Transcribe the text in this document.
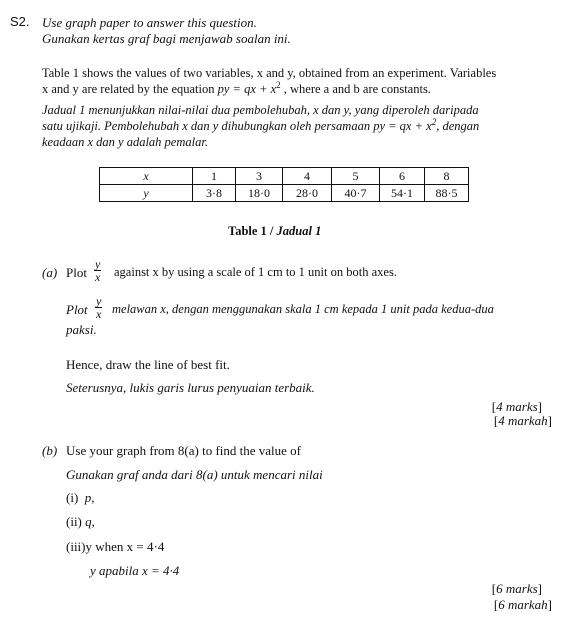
S2. Use graph paper to answer this question.
Gunakan kertas graf bagi menjawab soalan ini.
Table 1 shows the values of two variables, x and y, obtained from an experiment. Variables
x and y are related by the equation py = qx + $x^2$ , where a and b are constants.
Jadual 1 menunjukkan nilai-nilai dua pembolehubah, x dan y, yang diperoleh daripada
satu ujikaji. Pembolehubah x dan y dihubungkan oleh persamaan py = qx + $x^2$, dengan
keadaan x dan y adalah pemalar.
x	1	3	4	5	6	8
y	3·8	18·0	28·0	40·7	54·1	88·5
Table 1 / Jadual 1
(a) Plot $\frac{y}{x}$ against x by using a scale of 1 cm to 1 unit on both axes.
Plot $\frac{y}{x}$ melawan x, dengan menggunakan skala 1 cm kepada 1 unit pada kedua-dua
paksi.
Hence, draw the line of best fit.
Seterusnya, lukis garis lurus penyuaian terbaik.
[4 marks]
[4 markah]
(b) Use your graph from 8(a) to find the value of
Gunakan graf anda dari 8(a) untuk mencari nilai
(i) p,
(ii) q,
(iii)y when x = 4·4
y apabila x = 4·4
[6 marks]
[6 markah]
